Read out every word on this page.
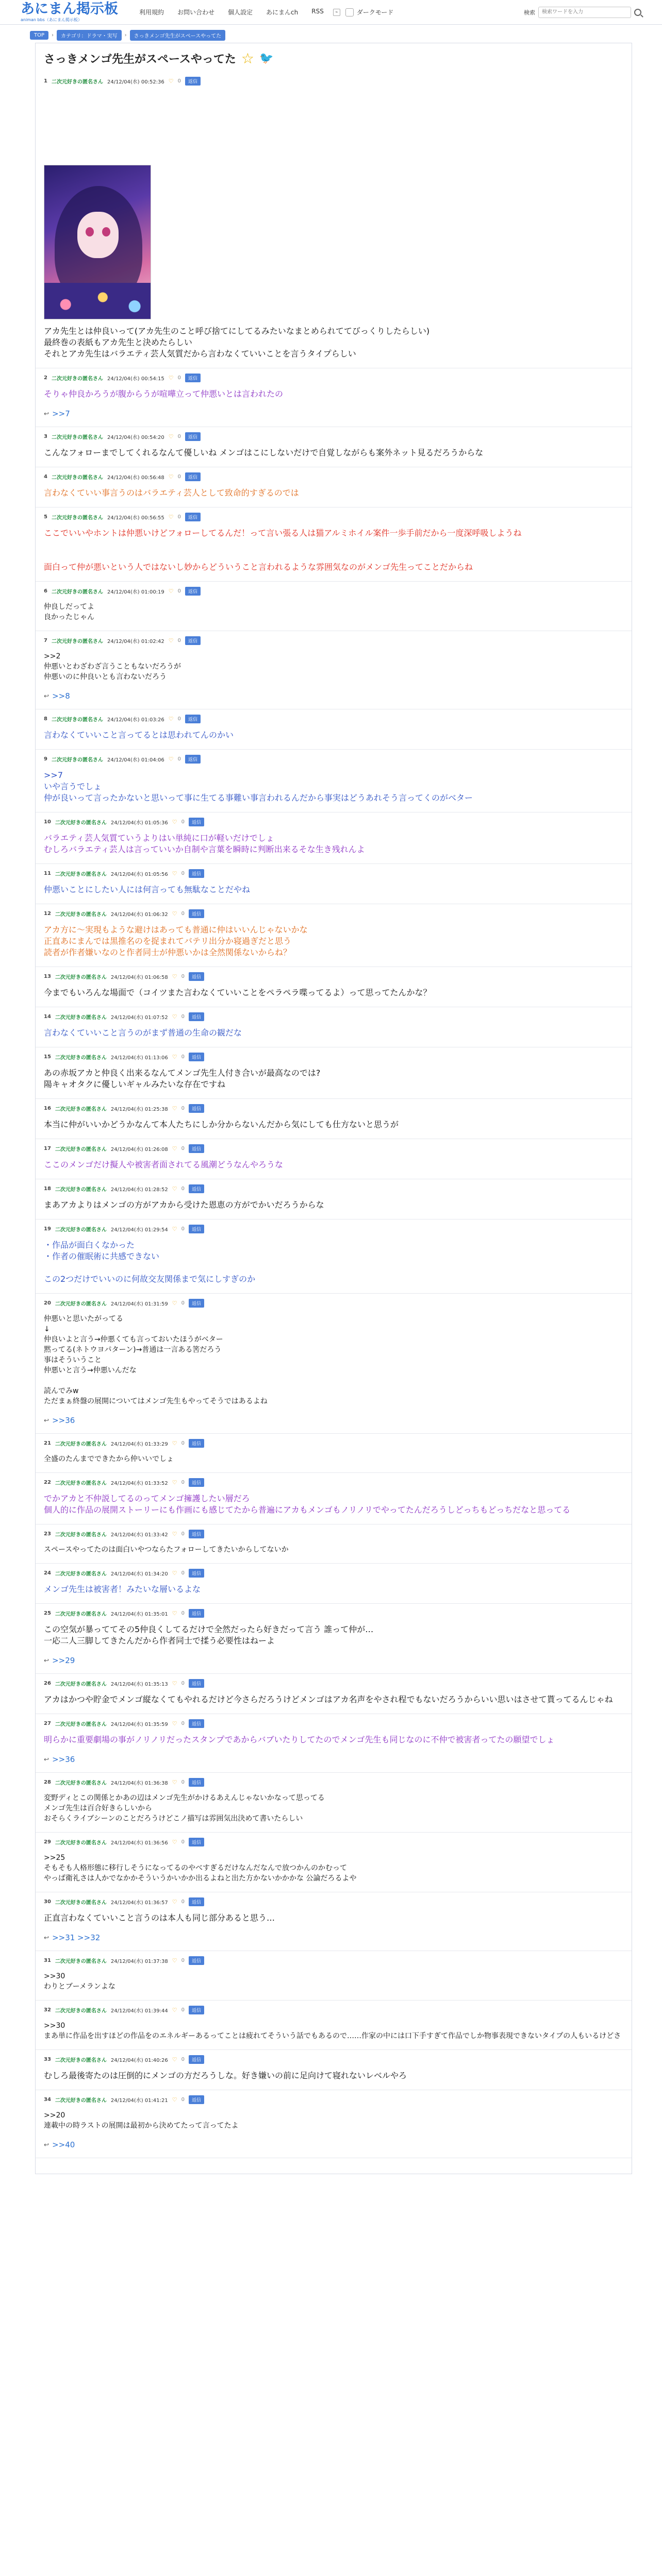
あにまん掲示板
animan bbs（あにまん掲示板）
利用規約 お問い合わせ 個人設定 あにまんch RSS	⌁	ダークモード	検索
検索ワードを入力
TOP	›	カテゴリ：ドラマ・実写	›	さっきメンゴ先生がスペースやってた
さっきメンゴ先生がスペースやってた ☆ 🐦
1 二次元好きの匿名さん 24/12/04(水) 00:52:36 ♡ 0	返信
アカ先生とは仲良いって(アカ先生のこと呼び捨てにしてるみたいなまとめられててびっくりしたらしい)
最終巻の表紙もアカ先生と決めたらしい
それとアカ先生はバラエティ芸人気質だから言わなくていいことを言うタイプらしい
2 二次元好きの匿名さん 24/12/04(水) 00:54:15 ♡ 0	返信
そりゃ仲良かろうが腹からうが喧嘩立って仲悪いとは言われたの
↩ >>7
3 二次元好きの匿名さん 24/12/04(水) 00:54:20 ♡ 0	返信
こんなフォローまでしてくれるなんて優しいね メンゴはこにしないだけで自覚しながらも案外ネット見るだろうからな
4 二次元好きの匿名さん 24/12/04(水) 00:56:48 ♡ 0	返信
言わなくていい事言うのはバラエティ芸人として致命的すぎるのでは
5 二次元好きの匿名さん 24/12/04(水) 00:56:55 ♡ 0	返信
ここでいいやホントは仲悪いけどフォローしてるんだ！って言い張る人は猫アルミホイル案件一歩手前だから一度深呼吸しようね

面白って仲が悪いという人ではないし妙からどういうこと言われるような雰囲気なのがメンゴ先生ってことだからね
6 二次元好きの匿名さん 24/12/04(水) 01:00:19 ♡ 0	返信
仲良しだってよ
良かったじゃん
7 二次元好きの匿名さん 24/12/04(水) 01:02:42 ♡ 0	返信
>>2
仲悪いとわざわざ言うこともないだろうが
仲悪いのに仲良いとも言わないだろう
↩ >>8
8 二次元好きの匿名さん 24/12/04(水) 01:03:26 ♡ 0	返信
言わなくていいこと言ってるとは思われてんのかい
9 二次元好きの匿名さん 24/12/04(水) 01:04:06 ♡ 0	返信
>>7
いや言うでしょ
仲が良いって言ったかないと思いって事に生てる事難い事言われるんだから事実はどうあれそう言ってくのがベター
10 二次元好きの匿名さん 24/12/04(水) 01:05:36 ♡ 0	返信
バラエティ芸人気質ていうよりはい単純に口が軽いだけでしょ
むしろバラエティ芸人は言っていいか自制や言葉を瞬時に判断出来るそな生き残れんよ
11 二次元好きの匿名さん 24/12/04(水) 01:05:56 ♡ 0	返信
仲悪いことにしたい人には何言っても無駄なことだやね
12 二次元好きの匿名さん 24/12/04(水) 01:06:32 ♡ 0	返信
アカ方に〜実現もような避けはあっても普通に仲はいいんじゃないかな
正直あにまんでは黒推名のを捉まれてバテリ出分か寝過ぎだと思う
読者が作者嫌いなのと作者同士が仲悪いかは全然関係ないからね？
13 二次元好きの匿名さん 24/12/04(水) 01:06:58 ♡ 0	返信
今までもいろんな場面で（コイツまた言わなくていいことをペラペラ喋ってるよ）って思ってたんかな？
14 二次元好きの匿名さん 24/12/04(水) 01:07:52 ♡ 0	返信
言わなくていいこと言うのがまず普通の生命の観だな
15 二次元好きの匿名さん 24/12/04(水) 01:13:06 ♡ 0	返信
あの赤坂アカと仲良く出来るなんてメンゴ先生人付き合いが最高なのでは?
陽キャオタクに優しいギャルみたいな存在ですね
16 二次元好きの匿名さん 24/12/04(水) 01:25:38 ♡ 0	返信
本当に仲がいいかどうかなんて本人たちにしか分からないんだから気にしても仕方ないと思うが
17 二次元好きの匿名さん 24/12/04(水) 01:26:08 ♡ 0	返信
ここのメンゴだけ擬人や被害者面されてる風潮どうなんやろうな
18 二次元好きの匿名さん 24/12/04(水) 01:28:52 ♡ 0	返信
まあアカよりはメンゴの方がアカから受けた恩恵の方がでかいだろうからな
19 二次元好きの匿名さん 24/12/04(水) 01:29:54 ♡ 0	返信
・作品が面白くなかった
・作者の催眠術に共感できない

この2つだけでいいのに何故交友関係まで気にしすぎのか
20 二次元好きの匿名さん 24/12/04(水) 01:31:59 ♡ 0	返信
仲悪いと思いたがってる
↓
仲良いよと言う→仲悪くても言っておいたほうがベター
黙ってる(ネトウヨパターン)→普通は一言ある筈だろう
事はそういうこと
仲悪いと言う→仲悪いんだな

読んでみw
ただまぁ終盤の展開についてはメンゴ先生もやってそうではあるよね
↩ >>36
21 二次元好きの匿名さん 24/12/04(水) 01:33:29 ♡ 0	返信
全盛のたんまでできたから仲いいでしょ
22 二次元好きの匿名さん 24/12/04(水) 01:33:52 ♡ 0	返信
でかアカと不仲説してるのってメンゴ擁護したい層だろ
個人的に作品の展開ストーリーにも作画にも感じてたから普遍にアカもメンゴもノリノリでやってたんだろうしどっちもどっちだなと思ってる
23 二次元好きの匿名さん 24/12/04(水) 01:33:42 ♡ 0	返信
スペースやってたのは面白いやつならたフォローしてきたいからしてないか
24 二次元好きの匿名さん 24/12/04(水) 01:34:20 ♡ 0	返信
メンゴ先生は被害者！みたいな層いるよな
25 二次元好きの匿名さん 24/12/04(水) 01:35:01 ♡ 0	返信
この空気が暴っててその5仲良くしてるだけで全然だったら好きだって言う 誰って仲が…
一応二人三脚してきたんだから作者同士で揉う必要性はねーよ
↩ >>29
26 二次元好きの匿名さん 24/12/04(水) 01:35:13 ♡ 0	返信
アカはかつや貯金でメンゴ縦なくてもやれるだけど今さらだろうけどメンゴはアカ名声をやされ程でもないだろうからいい思いはさせて貰ってるんじゃね
27 二次元好きの匿名さん 24/12/04(水) 01:35:59 ♡ 0	返信
明らかに重要劇場の事がノリノリだったスタンプであからバブいたりしてたのでメンゴ先生も同じなのに不仲で被害者ってたの願望でしょ
↩ >>36
28 二次元好きの匿名さん 24/12/04(水) 01:36:38 ♡ 0	返信
変野ディとこの関係とかあの辺はメンゴ先生がかけるあえんじゃないかなって思ってる
メンゴ先生は百合好きらしいから
おそらくライブシーンのことだろうけどこノ描写は雰囲気出決めて書いたらしい
29 二次元好きの匿名さん 24/12/04(水) 01:36:56 ♡ 0	返信
>>25
そもそも人格形態に移行しそうになってるのやべすぎるだけなんだなんで放つかんのかむって
やっぱ衛礼さは人かでなかかそういうかいかか出るよねと出た方かないかかかな 公論だろるよや
30 二次元好きの匿名さん 24/12/04(水) 01:36:57 ♡ 0	返信
正直言わなくていいこと言うのは本人も同じ部分あると思う…
↩ >>31 >>32
31 二次元好きの匿名さん 24/12/04(水) 01:37:38 ♡ 0	返信
>>30
わりとブーメランよな
32 二次元好きの匿名さん 24/12/04(水) 01:39:44 ♡ 0	返信
>>30
まあ単に作品を出すほどの作品をのエネルギーあるってことは疲れてそういう話でもあるので……作家の中には口下手すぎて作品でしか物事表現できないタイプの人もいるけどさ
33 二次元好きの匿名さん 24/12/04(水) 01:40:26 ♡ 0	返信
むしろ最後寄たのは圧倒的にメンゴの方だろうしな。好き嫌いの前に足向けて寝れないレベルやろ
34 二次元好きの匿名さん 24/12/04(水) 01:41:21 ♡ 0	返信
>>20
連載中の時ラストの展開は最初から決めてたって言ってたよ
↩ >>40
